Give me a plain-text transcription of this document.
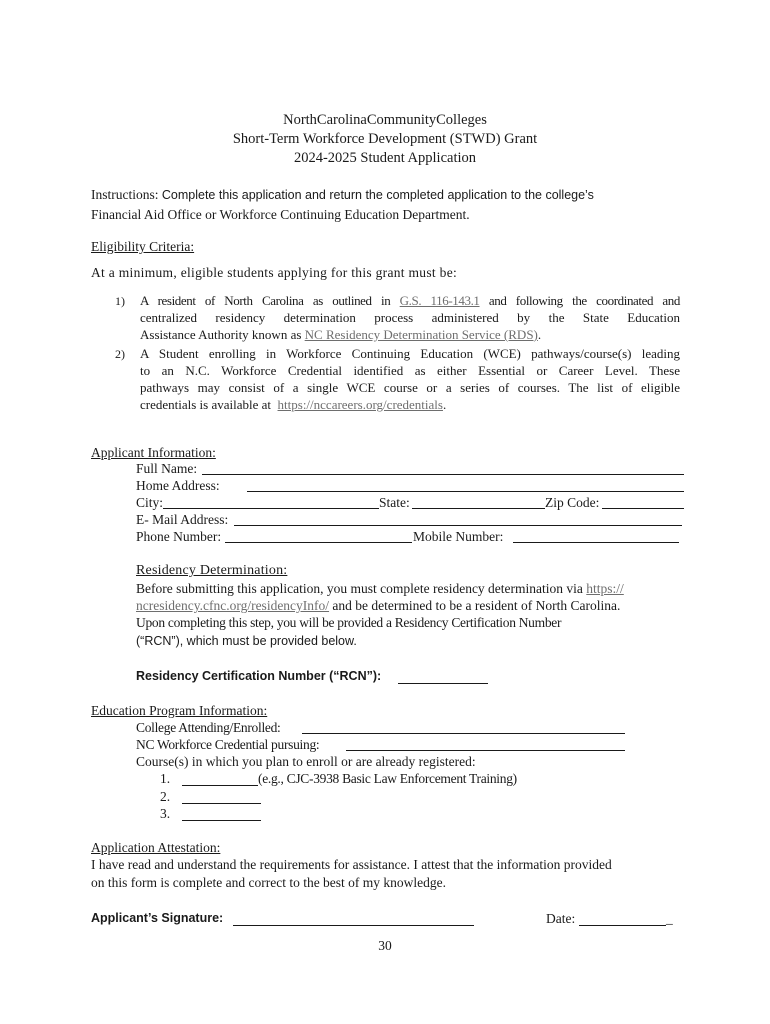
NorthCarolinaCommunityColleges
Short-Term Workforce Development (STWD) Grant
2024-2025 Student Application
Instructions: Complete this application and return the completed application to the college’s
Financial Aid Office or Workforce Continuing Education Department.
Eligibility Criteria:
At a minimum, eligible students applying for this grant must be:
1) A resident of North Carolina as outlined in G.S. 116-143.1 and following the coordinated and
centralized residency determination process administered by the State Education
Assistance Authority known as NC Residency Determination Service (RDS).
2) A Student enrolling in Workforce Continuing Education (WCE) pathways/course(s) leading
to an N.C. Workforce Credential identified as either Essential or Career Level. These
pathways may consist of a single WCE course or a series of courses. The list of eligible
credentials is available at https://nccareers.org/credentials.
Applicant Information:
Full Name:
Home Address:
City:	State:	Zip Code:
E- Mail Address:
Phone Number:	Mobile Number:
Residency Determination:
Before submitting this application, you must complete residency determination via https://
ncresidency.cfnc.org/residencyInfo/ and be determined to be a resident of North Carolina.
Upon completing this step, you will be provided a Residency Certification Number
(“RCN”), which must be provided below.
Residency Certification Number (“RCN”):
Education Program Information:
College Attending/Enrolled:
NC Workforce Credential pursuing:
Course(s) in which you plan to enroll or are already registered:
1.	(e.g., CJC-3938 Basic Law Enforcement Training)
2.
3.
Application Attestation:
I have read and understand the requirements for assistance. I attest that the information provided
on this form is complete and correct to the best of my knowledge.
Applicant’s Signature:	Date:	_
30
